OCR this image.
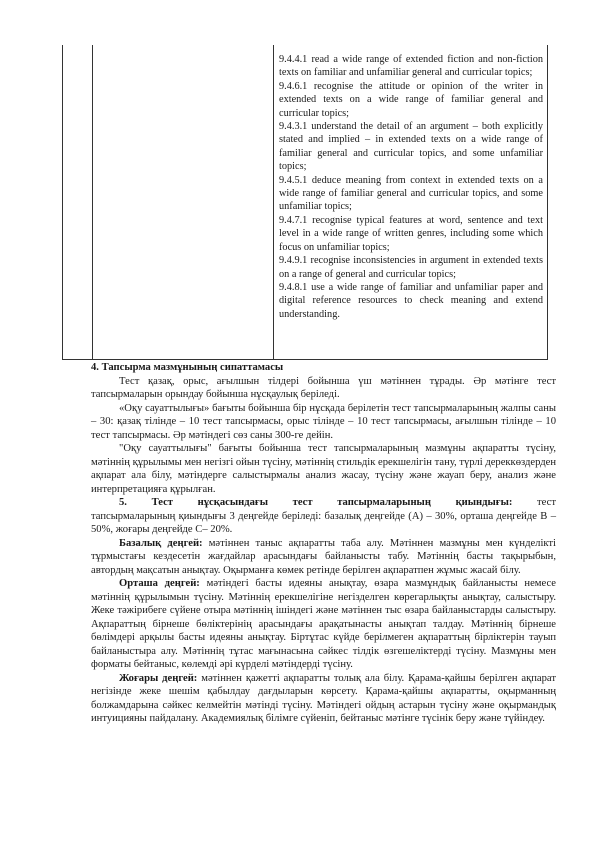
9.4.4.1 read a wide range of extended fiction and non-fiction texts on familiar and unfamiliar general and curricular topics;

9.4.6.1 recognise the attitude or opinion of the writer in extended texts on a wide range of familiar general and curricular topics;

9.4.3.1 understand the detail of an argument – both explicitly stated and implied – in extended texts on a wide range of familiar general and curricular topics, and some unfamiliar topics;

9.4.5.1 deduce meaning from context in extended texts on a wide range of familiar general and curricular topics, and some unfamiliar topics;

9.4.7.1 recognise typical features at word, sentence and text level in a wide range of written genres, including some which focus on unfamiliar topics;

9.4.9.1 recognise inconsistencies in argument in extended texts on a range of general and curricular topics;

9.4.8.1 use a wide range of familiar and unfamiliar paper and digital reference resources to check meaning and extend understanding.

4. Тапсырма мазмұнының сипаттамасы

Тест қазақ, орыс, ағылшын тілдері бойынша үш мәтіннен тұрады. Әр мәтінге тест тапсырмаларын орындау бойынша нұсқаулық беріледі.

«Оқу сауаттылығы» бағыты бойынша бір нұсқада берілетін тест тапсырмаларының жалпы саны – 30: қазақ тілінде – 10 тест тапсырмасы, орыс тілінде – 10 тест тапсырмасы, ағылшын тілінде – 10 тест тапсырмасы. Әр мәтіндегі сөз саны 300-ге дейін.

"Оқу сауаттылығы" бағыты бойынша тест тапсырмаларының мазмұны ақпаратты түсіну, мәтіннің құрылымы мен негізгі ойын түсіну, мәтіннің стильдік ерекшелігін тану, түрлі дереккөздерден ақпарат ала білу, мәтіндерге салыстырмалы анализ жасау, түсіну және жауап беру, анализ және интерпретацияға құрылған.

5. Тест нұсқасындағы тест тапсырмаларының қиындығы: тест

тапсырмаларының қиындығы 3 деңгейде беріледі: базалық деңгейде (А) – 30%, орташа деңгейде В – 50%, жоғары деңгейде С– 20%.

Базалық деңгей: мәтіннен таныс ақпаратты таба алу. Мәтіннен мазмұны мен күнделікті тұрмыстағы кездесетін жағдайлар арасындағы байланысты табу. Мәтіннің басты тақырыбын, автордың мақсатын анықтау. Оқырманға көмек ретінде берілген ақпаратпен жұмыс жасай білу.

Орташа деңгей: мәтіндегі басты идеяны анықтау, өзара мазмұндық байланысты немесе мәтіннің құрылымын түсіну. Мәтіннің ерекшелігіне негізделген көрегарлықты анықтау, салыстыру. Жеке тәжірибеге сүйене отыра мәтіннің ішіндегі және мәтіннен тыс өзара байланыстарды салыстыру. Ақпараттың бірнеше бөліктерінің арасындағы арақатынасты анықтап талдау. Мәтіннің бірнеше бөлімдері арқылы басты идеяны анықтау. Біртұтас күйде берілмеген ақпараттың бірліктерін тауып байланыстыра алу. Мәтіннің тұтас мағынасына сәйкес тілдік өзгешеліктерді түсіну. Мазмұны мен форматы бейтаныс, көлемді әрі күрделі мәтіндерді түсіну.

Жоғары деңгей: мәтіннен қажетті ақпаратты толық ала білу. Қарама-қайшы берілген ақпарат негізінде жеке шешім қабылдау дағдыларын көрсету. Қарама-қайшы ақпаратты, оқырманның болжамдарына сәйкес келмейтін мәтінді түсіну. Мәтіндегі ойдың астарын түсіну және оқырмандық интуицияны пайдалану. Академиялық білімге сүйеніп, бейтаныс мәтінге түсінік беру және түйіндеу.
